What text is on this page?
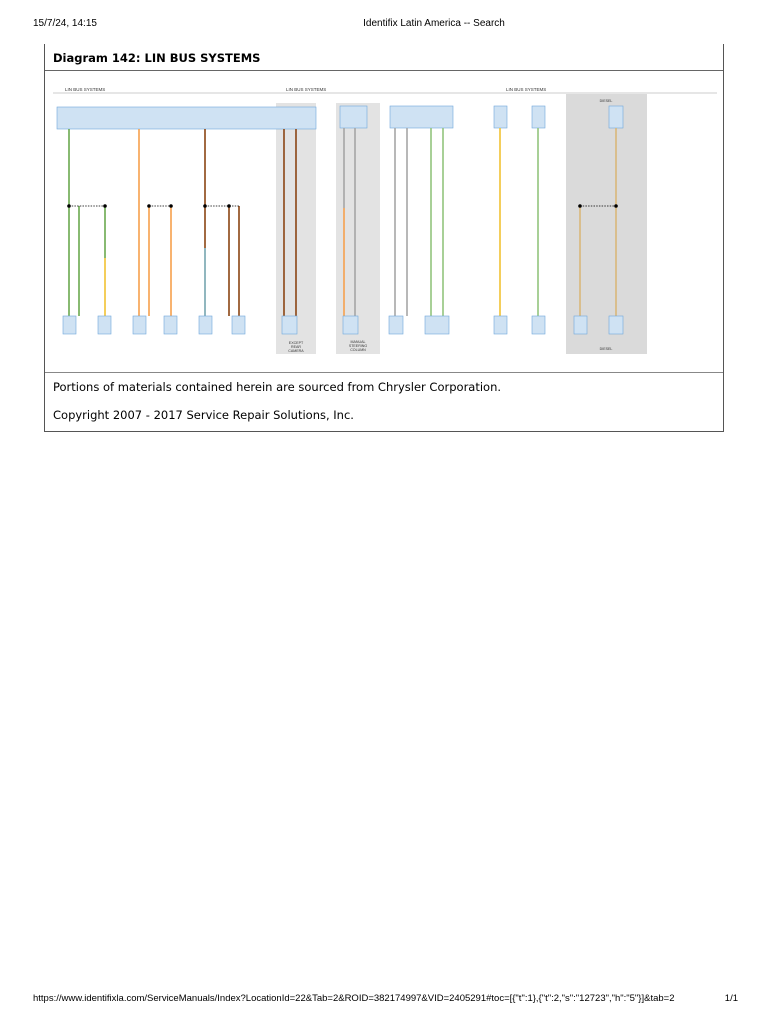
15/7/24, 14:15	Identifix Latin America -- Search
Diagram 142: LIN BUS SYSTEMS
LIN BUS SYSTEMS	LIN BUS SYSTEMS	LIN BUS SYSTEMS
EXCEPT
REAR
CAMERA
MANUAL
STEERING
COLUMN
DIESEL
DIESEL
Portions of materials contained herein are sourced from Chrysler Corporation.
Copyright 2007 - 2017 Service Repair Solutions, Inc.
https://www.identifixla.com/ServiceManuals/Index?LocationId=22&Tab=2&ROID=382174997&VID=2405291#toc=[{"t":1},{"t":2,"s":"12723","h":"5"}]&tab=2	1/1
